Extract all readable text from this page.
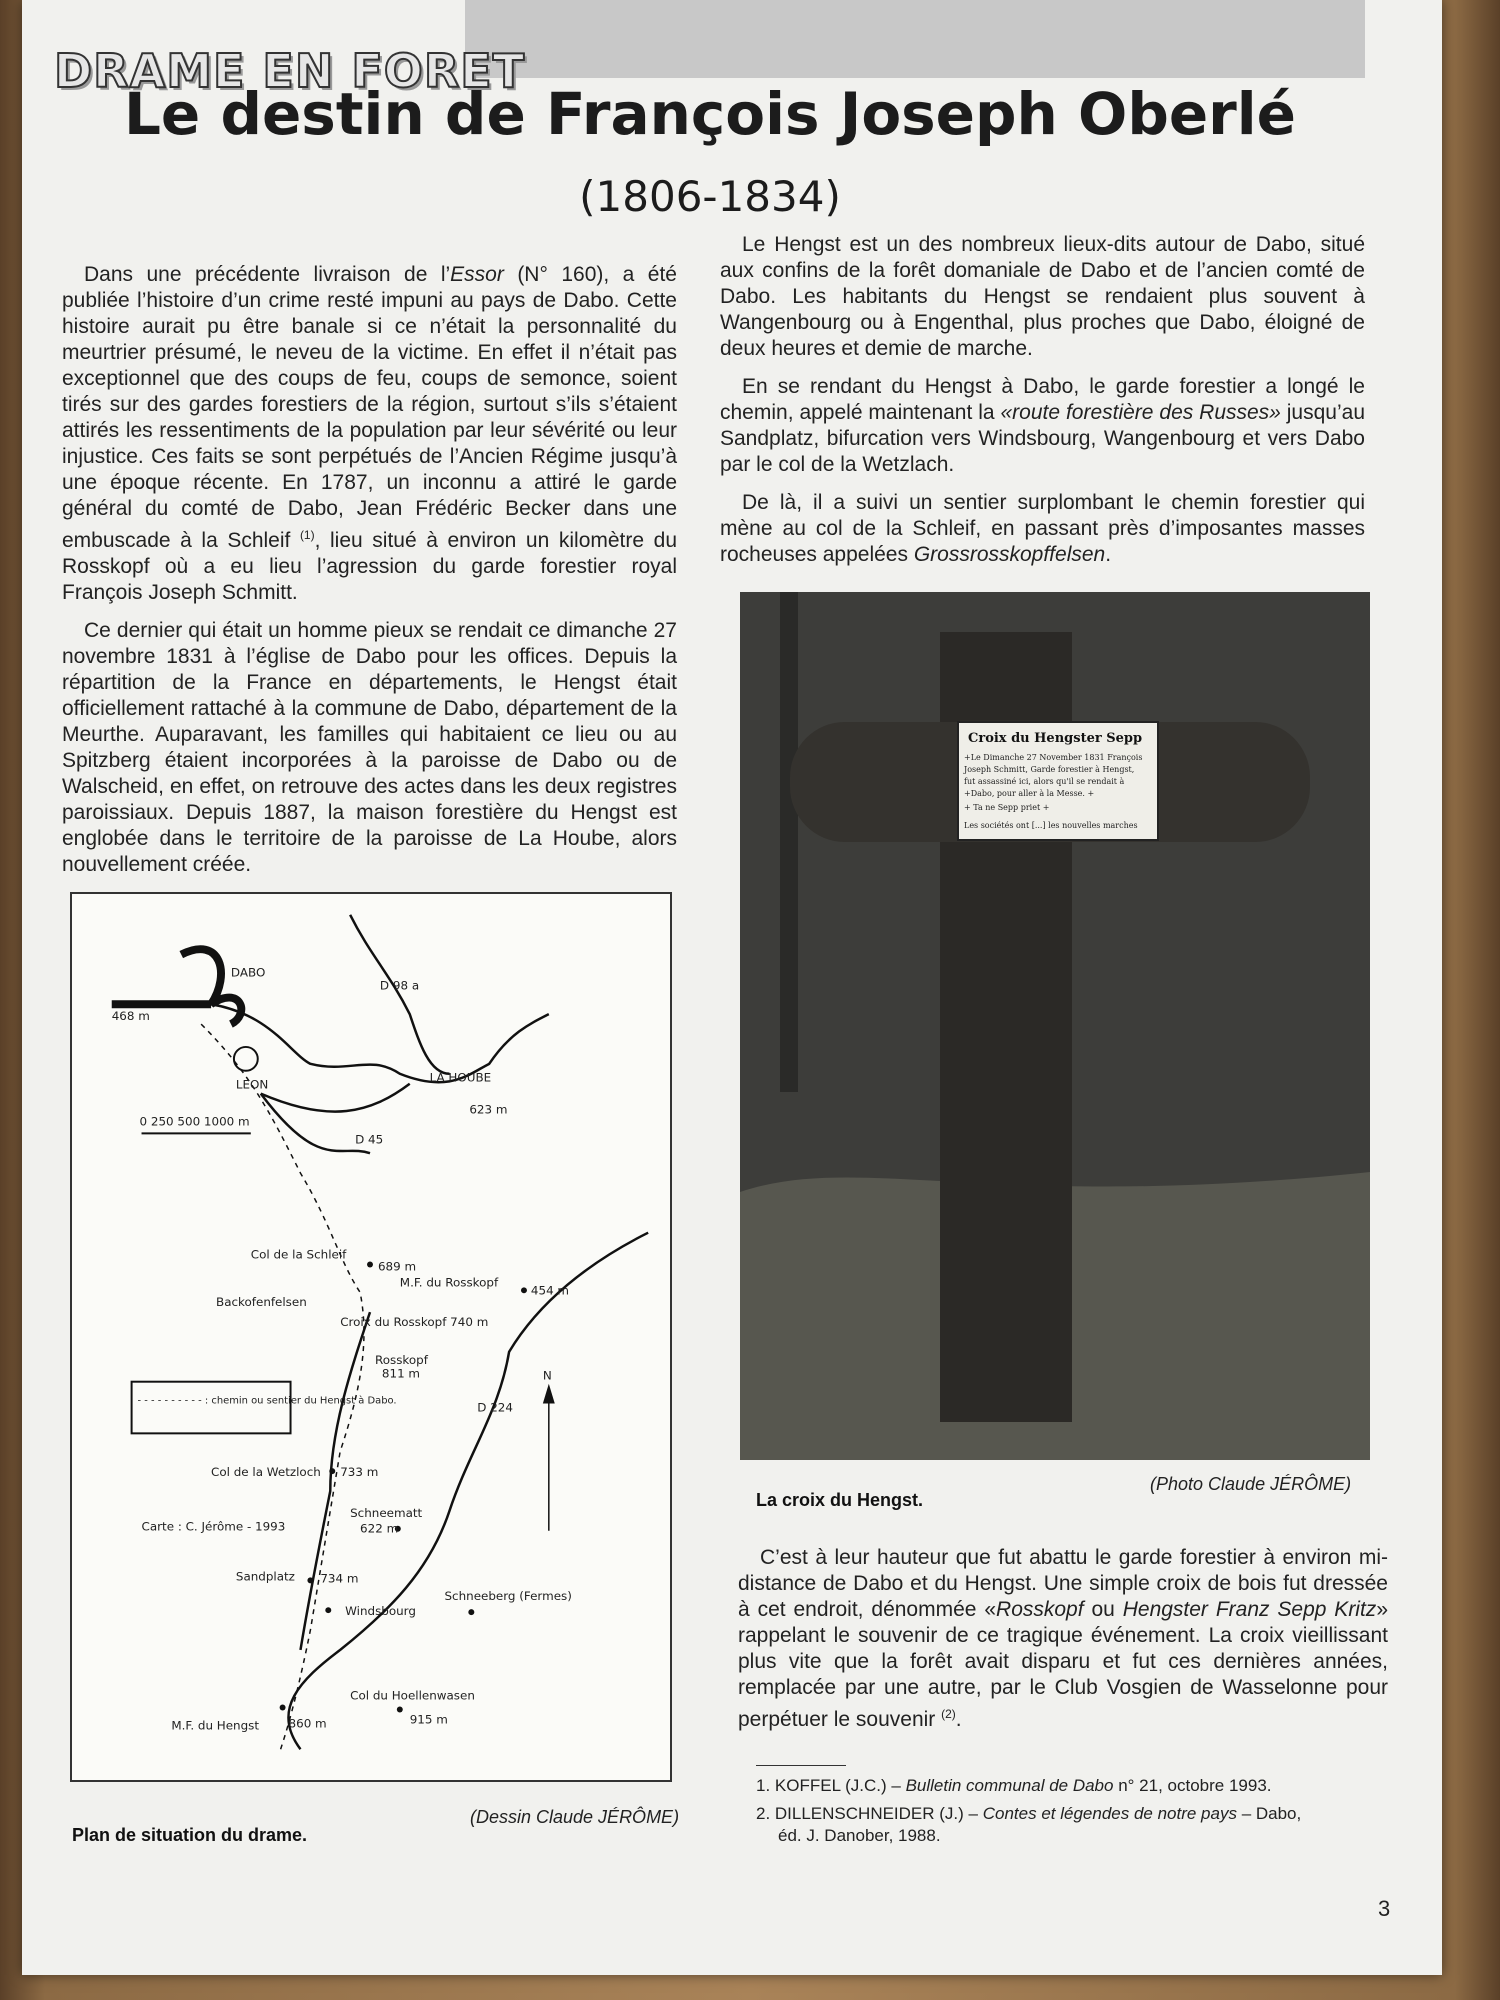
DRAME EN FORET
Le destin de François Joseph Oberlé
(1806-1834)

Dans une précédente livraison de l’Essor (N° 160), a été publiée l’histoire d’un crime resté impuni au pays de Dabo. Cette histoire aurait pu être banale si ce n’était la personnalité du meurtrier présumé, le neveu de la victime. En effet il n’était pas exceptionnel que des coups de feu, coups de semonce, soient tirés sur des gardes forestiers de la région, surtout s’ils s’étaient attirés les ressentiments de la population par leur sévérité ou leur injustice. Ces faits se sont perpétués de l’Ancien Régime jusqu’à une époque récente. En 1787, un inconnu a attiré le garde général du comté de Dabo, Jean Frédéric Becker dans une embuscade à la Schleif $^{(1)}$, lieu situé à environ un kilomètre du Rosskopf où a eu lieu l’agression du garde forestier royal François Joseph Schmitt.

Ce dernier qui était un homme pieux se rendait ce dimanche 27 novembre 1831 à l’église de Dabo pour les offices. Depuis la répartition de la France en départements, le Hengst était officiellement rattaché à la commune de Dabo, département de la Meurthe. Auparavant, les familles qui habitaient ce lieu ou au Spitzberg étaient incorporées à la paroisse de Dabo ou de Walscheid, en effet, on retrouve des actes dans les deux registres paroissiaux. Depuis 1887, la maison forestière du Hengst est englobée dans le territoire de la paroisse de La Hoube, alors nouvellement créée.

Le Hengst est un des nombreux lieux-dits autour de Dabo, situé aux confins de la forêt domaniale de Dabo et de l’ancien comté de Dabo. Les habitants du Hengst se rendaient plus souvent à Wangenbourg ou à Engenthal, plus proches que Dabo, éloigné de deux heures et demie de marche.

En se rendant du Hengst à Dabo, le garde forestier a longé le chemin, appelé maintenant la «route forestière des Russes» jusqu’au Sandplatz, bifurcation vers Windsbourg, Wangenbourg et vers Dabo par le col de la Wetzlach.

De là, il a suivi un sentier surplombant le chemin forestier qui mène au col de la Schleif, en passant près d’imposantes masses rocheuses appelées Grossrosskopffelsen.

DABO
468 m
LEON
D 98 a
LA HOUBE
623 m
D 45
0 250 500 1000 m
Col de la Schleif
689 m
M.F. du Rosskopf
454 m
Backofenfelsen
Croix du Rosskopf 740 m
Rosskopf
811 m
- - - - - - - - - - : chemin ou sentier du Hengst à Dabo.	D 224
N
Col de la Wetzloch 733 m
Carte : C. Jérôme - 1993
Schneematt
622 m
Sandplatz 734 m
Windsbourg
Schneeberg (Fermes)
Col du Hoellenwasen
915 m
M.F. du Hengst 860 m
(Dessin Claude JÉRÔME)
Plan de situation du drame.
Croix du Hengster Sepp
+Le Dimanche 27 November 1831 François
Joseph Schmitt, Garde forestier à Hengst,
fut assassiné ici, alors qu'il se rendait à
+Dabo, pour aller à la Messe. +
+ Ta ne Sepp priet +
Les sociétés ont [...] les nouvelles marches
(Photo Claude JÉRÔME)
La croix du Hengst.

C’est à leur hauteur que fut abattu le garde forestier à environ mi-distance de Dabo et du Hengst. Une simple croix de bois fut dressée à cet endroit, dénommée «Rosskopf ou Hengster Franz Sepp Kritz» rappelant le souvenir de ce tragique événement. La croix vieillissant plus vite que la forêt avait disparu et fut ces dernières années, remplacée par une autre, par le Club Vosgien de Wasselonne pour perpétuer le souvenir $^{(2)}$.

1. KOFFEL (J.C.) – Bulletin communal de Dabo n° 21, octobre 1993.
2. DILLENSCHNEIDER (J.) – Contes et légendes de notre pays – Dabo,
éd. J. Danober, 1988.
3
